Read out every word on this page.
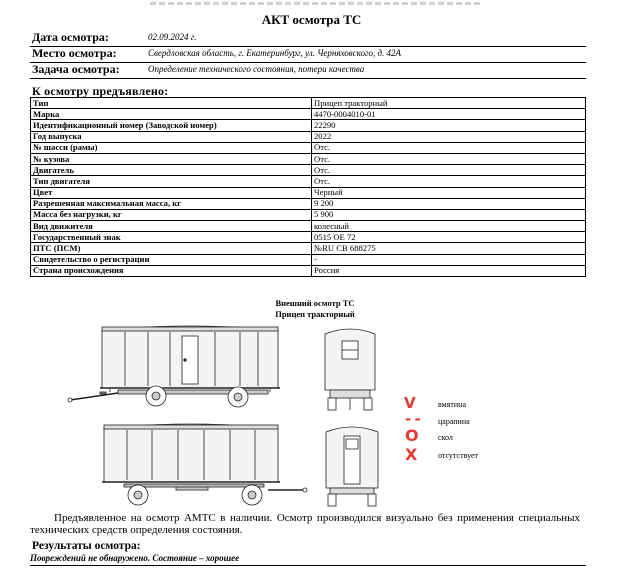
АКТ осмотра ТС
Дата осмотра:	02.09.2024 г.
Место осмотра:	Свердловская область, г. Екатеринбург, ул. Черняховского, д. 42А
Задача осмотра:	Определение технического состояния, потери качества
К осмотру предъявлено:
Тип	Прицеп тракторный
Марка	4470-0004010-01
Идентификационный номер (Заводской номер)	22290
Год выпуска	2022
№ шасси (рамы)	Отс.
№ кузова	Отс.
Двигатель	Отс.
Тип двигателя	Отс.
Цвет	Черный
Разрешенная максимальная масса, кг	9 200
Масса без нагрузки, кг	5 900
Вид движителя	колесный
Государственный знак	0515 ОЕ 72
ПТС (ПСМ)	№RU СВ 688275
Свидетельство о регистрации	-
Страна происхождения	Россия
Внешний осмотр ТС
Прицеп тракторный
V	вмятина
- - царапина
O скол
X	отсутствует
Предъявленное на осмотр АМТС в наличии. Осмотр производился визуально без применения специальных технических средств определения состояния.
Результаты осмотра:
Повреждений не обнаружено. Состояние – хорошее
